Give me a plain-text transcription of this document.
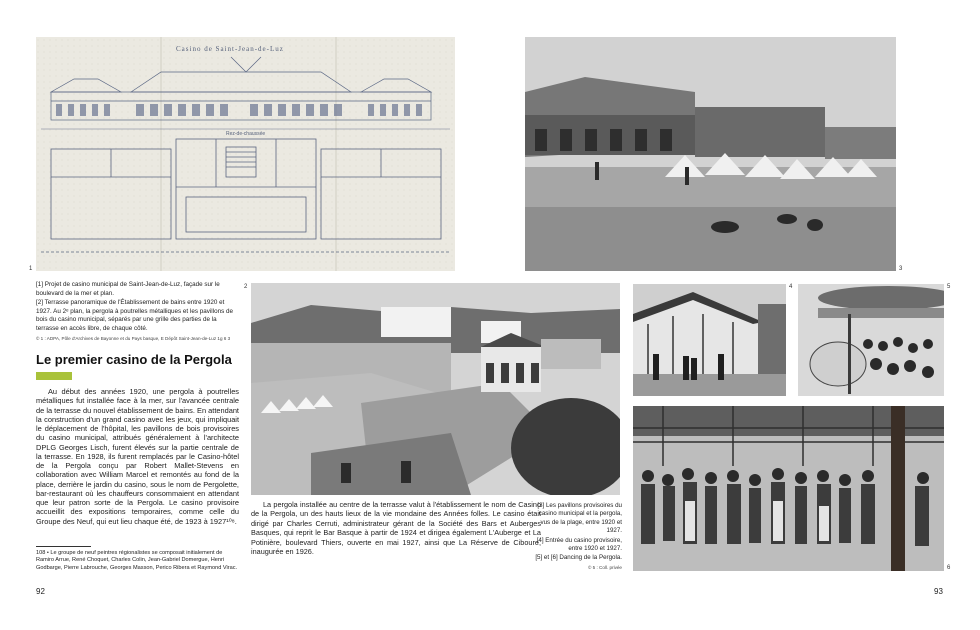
Casino de Saint-Jean-de-Luz
Rez-de-chaussée
1	3

[1] Projet de casino municipal de Saint-Jean-de-Luz, façade sur le boulevard de la mer et plan.

[2] Terrasse panoramique de l'Établissement de bains entre 1920 et 1927. Au 2ᵉ plan, la pergola à poutrelles métalliques et les pavillons de bois du casino municipal, séparés par une grille des parties de la terrasse en accès libre, de chaque côté.

© 1 : ADPA, Pôle d'Archives de Bayonne et du Pays basque, E Dépôt Saint-Jean-de-Luz 1g 6 3

Le premier casino de la Pergola

Au début des années 1920, une pergola à poutrelles métalliques fut installée face à la mer, sur l'avancée centrale de la terrasse du nouvel établissement de bains. En attendant la construction d'un grand casino avec les jeux, qui impliquait le déplacement de l'hôpital, les pavillons de bois provisoires du casino municipal, attribués généralement à l'architecte DPLG Georges Lisch, furent élevés sur la partie centrale de la terrasse. En 1928, ils furent remplacés par le Casino-hôtel de la Pergola conçu par Robert Mallet-Stevens en collaboration avec William Marcel et remontés au fond de la place, derrière le jardin du casino, sous le nom de Pergolette, bar-restaurant où les chauffeurs consommaient en attendant que leur patron sorte de la Pergola. Le casino provisoire accueillit des expositions temporaires, comme celle du Groupe des Neuf, qui eut lieu chaque été, de 1923 à 1927¹⁰⁸.

108 • Le groupe de neuf peintres régionalistes se composait initialement de Ramiro Arrue, René Choquet, Charles Colin, Jean-Gabriel Domergue, Henri Godbarge, Pierre Labrouche, Georges Masson, Perico Ribera et Raymond Virac.
2

La pergola installée au centre de la terrasse valut à l'établissement le nom de Casino de la Pergola, un des hauts lieux de la vie mondaine des Années folles. Le casino était dirigé par Charles Cerruti, administrateur gérant de la Société des Bars et Auberges Basques, qui reprit le Bar Basque à partir de 1924 et dirigea également L'Auberge et La Potinière, boulevard Thiers, ouverte en mai 1927, ainsi que La Réserve de Ciboure, inaugurée en 1926.

[3] Les pavillons provisoires du casino municipal et la pergola, vus de la plage, entre 1920 et 1927.

[4] Entrée du casino provisoire, entre 1920 et 1927.

[5] et [6] Dancing de la Pergola.

© 5 : Coll. privée

4	5
6
92	93
